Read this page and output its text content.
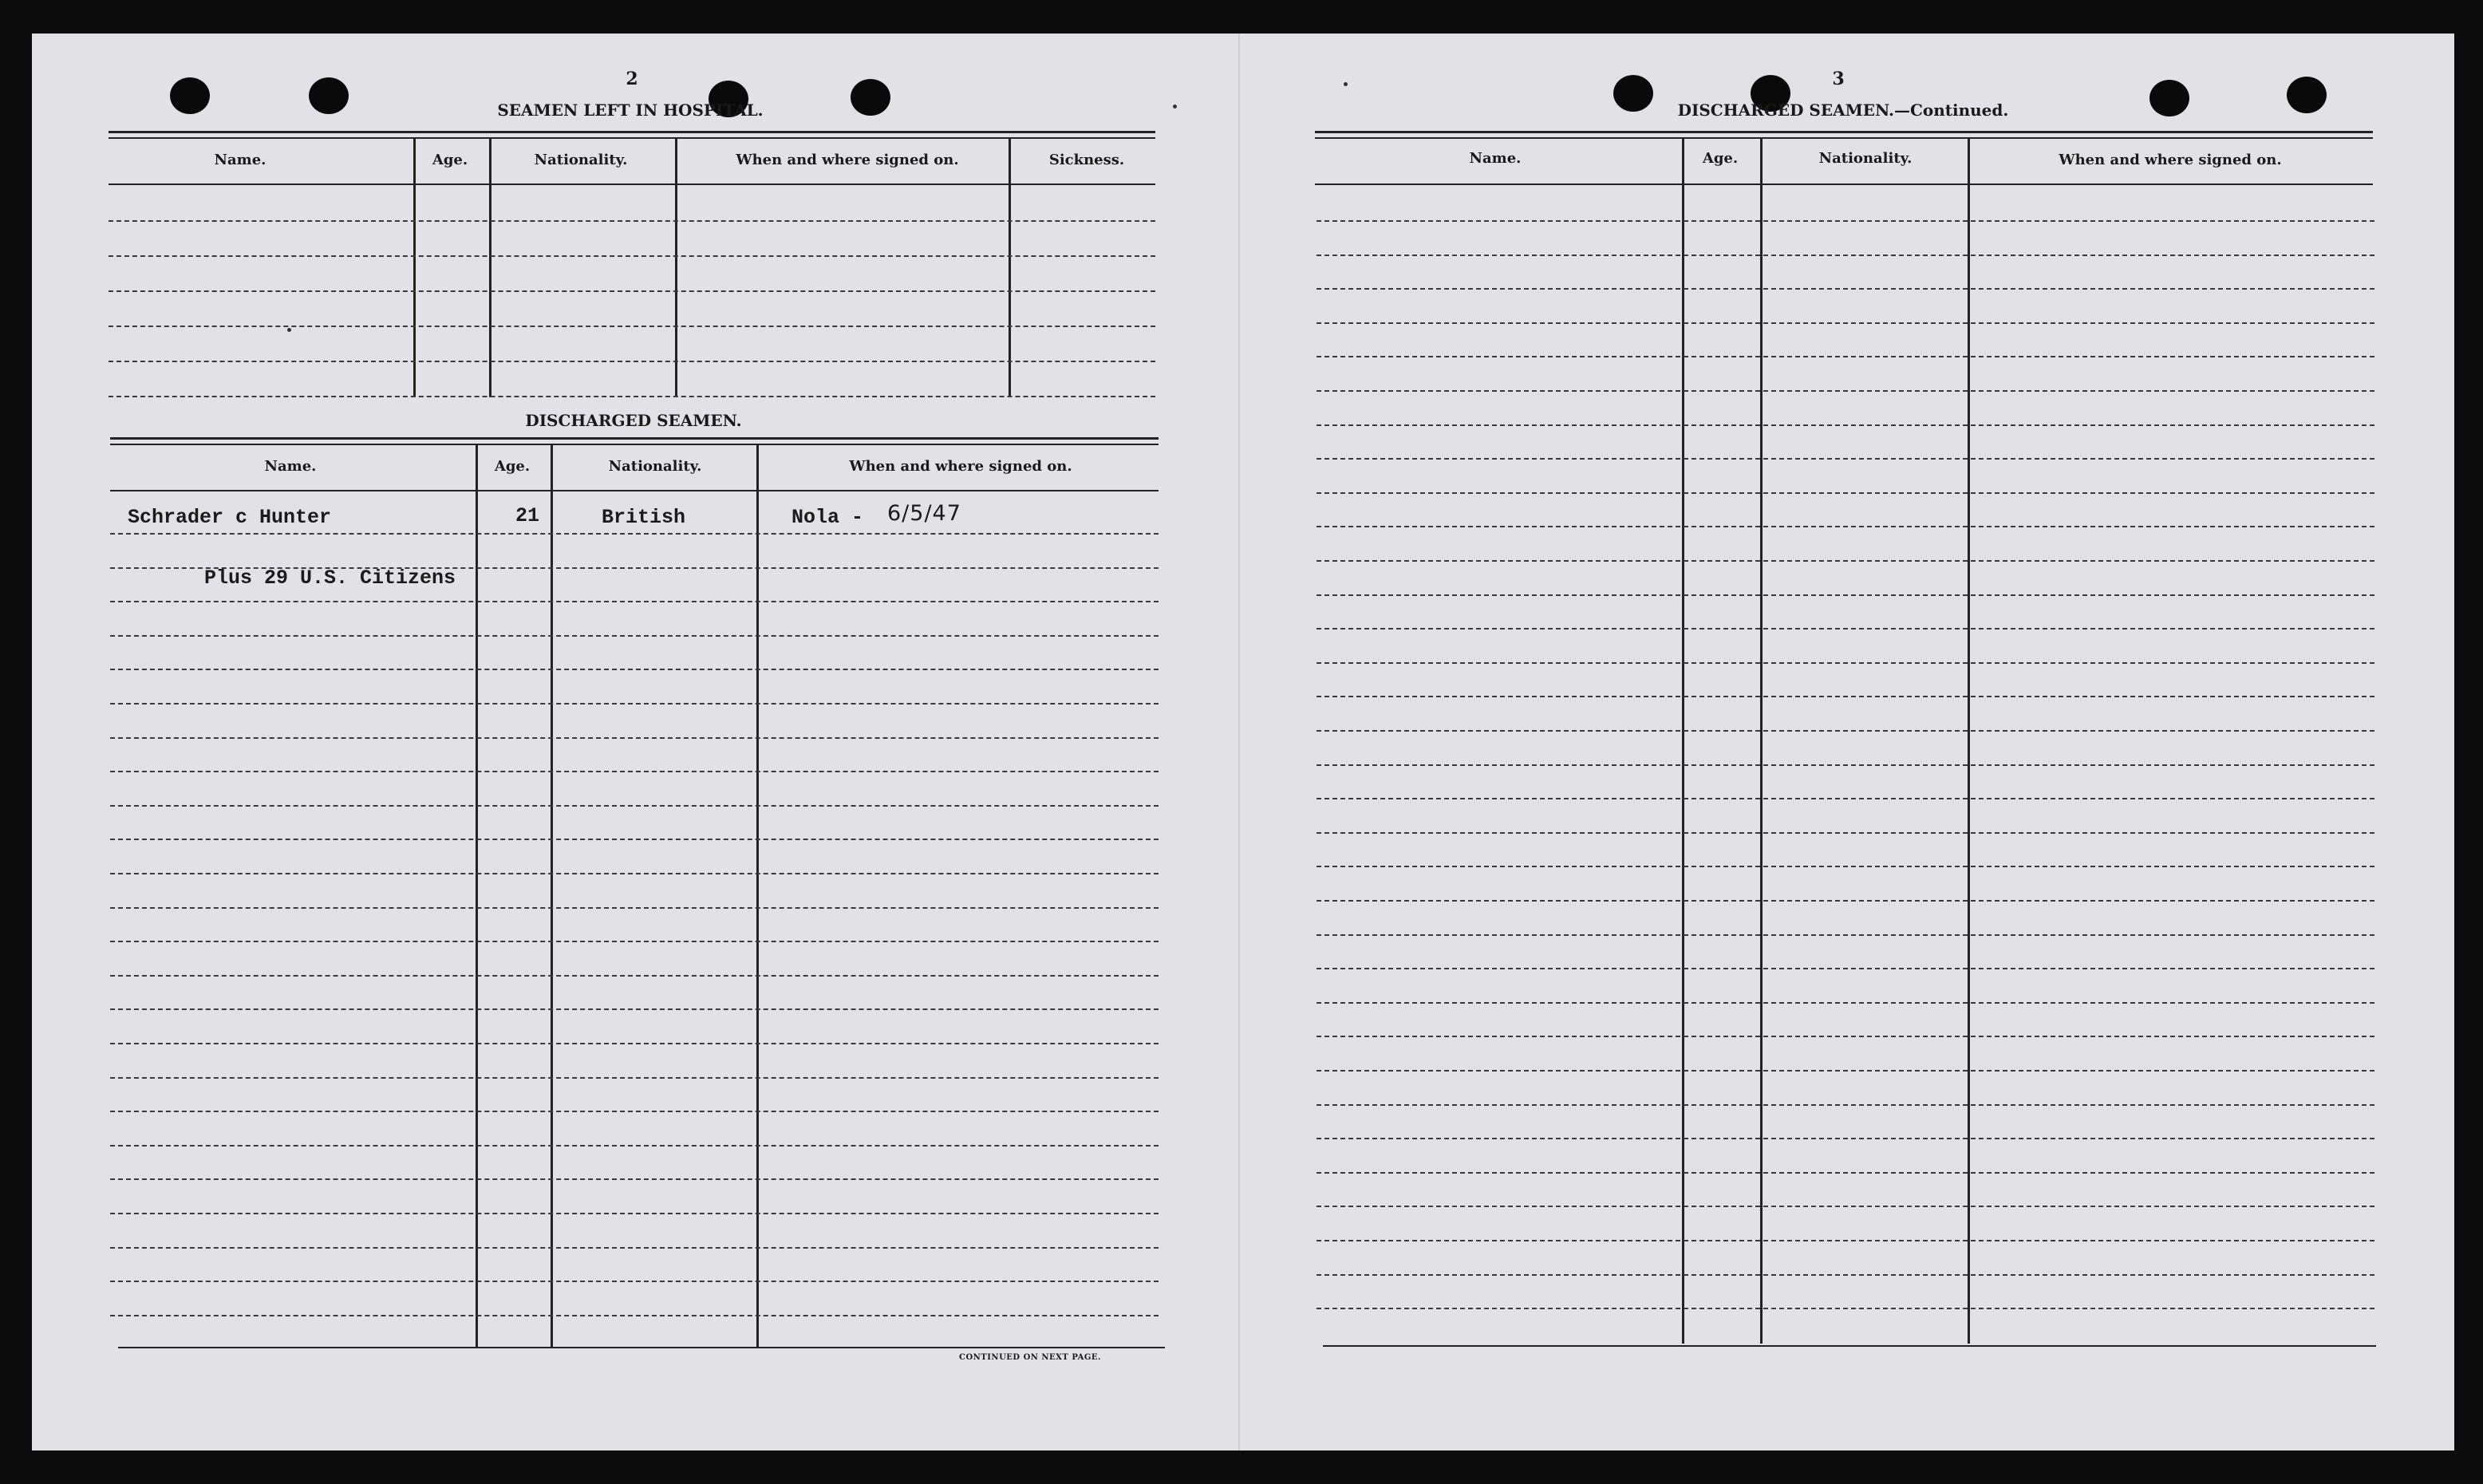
2
SEAMEN LEFT IN HOSPITAL.
Name.	Age.	Nationality.	When and where signed on.	Sickness.
DISCHARGED SEAMEN.
Name.	Age.	Nationality.	When and where signed on.
Schrader c Hunter	21	British	Nola - 6/5/47
Plus 29 U.S. Citizens
CONTINUED ON NEXT PAGE.
3
DISCHARGED SEAMEN.—Continued.
Name.	Age.	Nationality.	When and where signed on.
